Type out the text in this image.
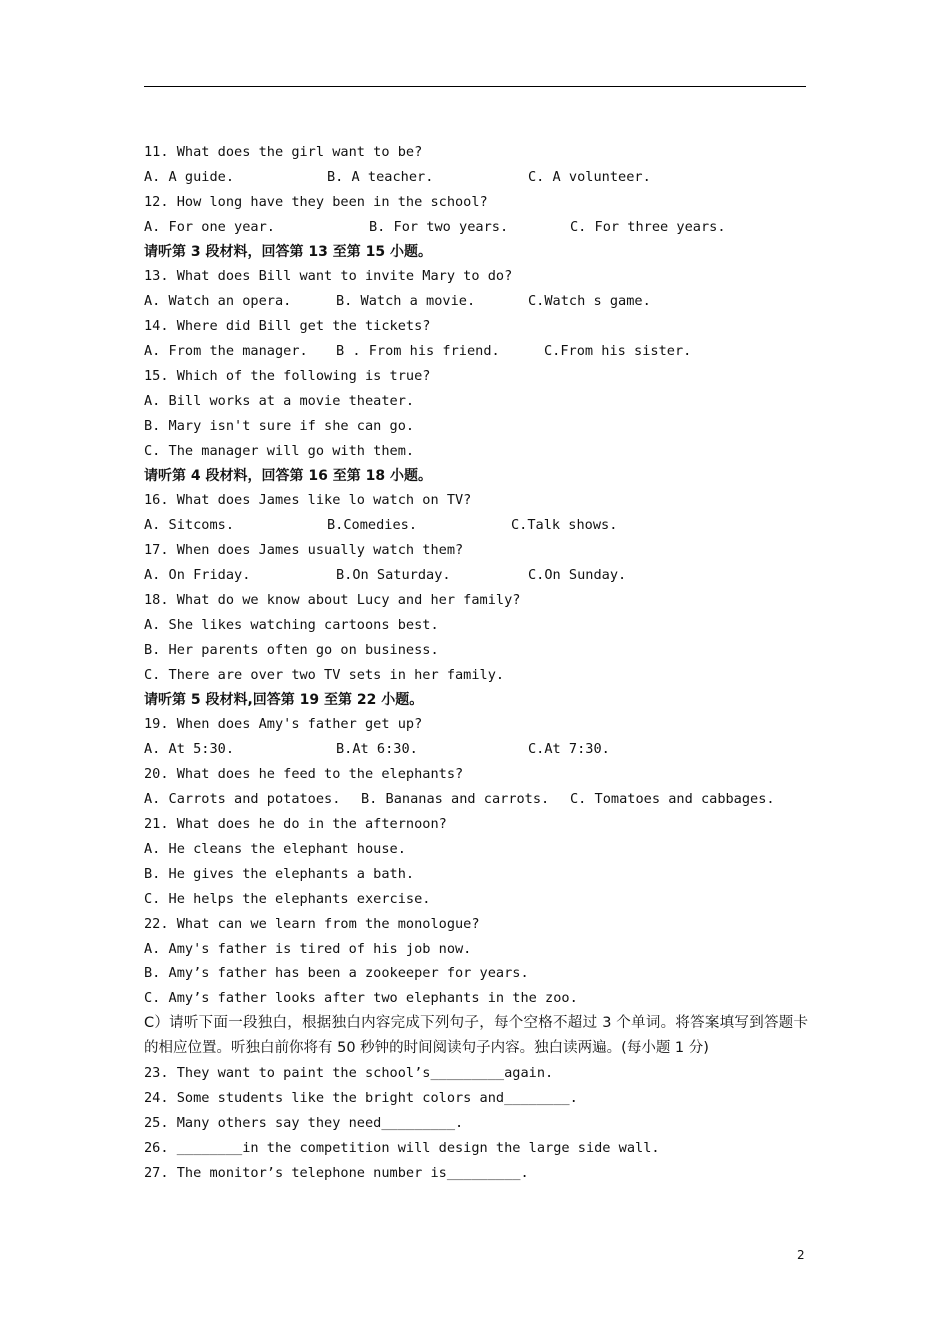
11. What does the girl want to be?

A. A guide.

	B. A teacher.

	C. A volunteer.

12. How long have they been in the school?

A. For one year.

	B. For two years.

	C. For three years.

请听第 3 段材料，回答第 13 至第 15 小题。
13. What does Bill want to invite Mary to do?

A. Watch an opera.

	B. Watch a movie.

	C.Watch s game.

14. Where did Bill get the tickets?

A. From the manager.

B . From his friend.

	C.From his sister.

15. Which of the following is true?
A. Bill works at a movie theater.
B. Mary isn't sure if she can go.
C. The manager will go with them.
请听第 4 段材料，回答第 16 至第 18 小题。
16. What does James like lo watch on TV?

A. Sitcoms.

	B.Comedies.

	C.Talk shows.

17. When does James usually watch them?

A. On Friday.

	B.On Saturday.

	C.On Sunday.

18. What do we know about Lucy and her family?
A. She likes watching cartoons best.
B. Her parents often go on business.
C. There are over two TV sets in her family.
请听第 5 段材料,回答第 19 至第 22 小题。
19. When does Amy's father get up?

A. At 5:30.

	B.At 6:30.

	C.At 7:30.

20. What does he feed to the elephants?

A. Carrots and potatoes.

B. Bananas and carrots.

C. Tomatoes and cabbages.

21. What does he do in the afternoon?
A. He cleans the elephant house.
B. He gives the elephants a bath.
C. He helps the elephants exercise.
22. What can we learn from the monologue?
A. Amy's father is tired of his job now.
B. Amy’s father has been a zookeeper for years.
C. Amy’s father looks after two elephants in the zoo.
C）请听下面一段独白，根据独白内容完成下列句子，每个空格不超过 3 个单词。将答案填写到答题卡的相应位置。听独白前你将有 50 秒钟的时间阅读句子内容。独白读两遍。(每小题 1 分)
23. They want to paint the school’s_________again.
24. Some students like the bright colors and________.
25. Many others say they need_________.
26. ________in the competition will design the large side wall.
27. The monitor’s telephone number is_________.
2
